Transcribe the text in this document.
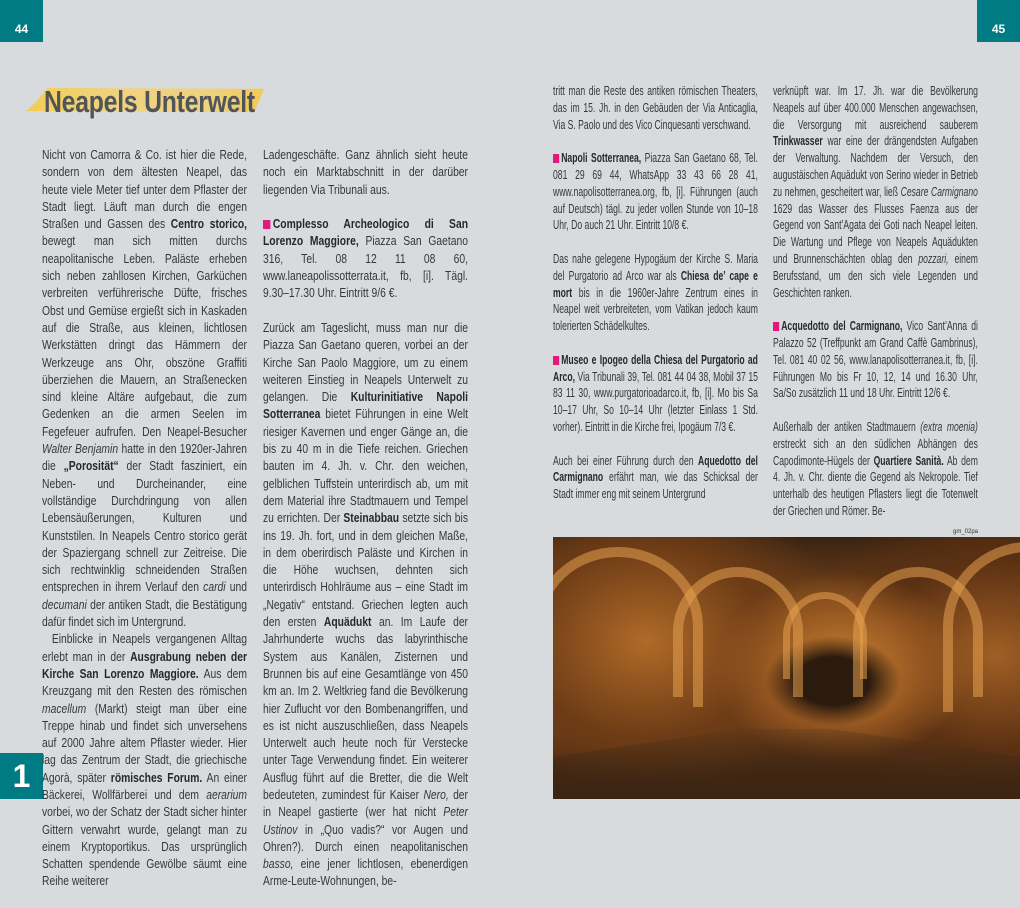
44	45
1
Neapels Unterwelt

Nicht von Camorra & Co. ist hier die Rede, sondern von dem ältesten Neapel, das heute viele Meter tief unter dem Pflaster der Stadt liegt. Läuft man durch die engen Straßen und Gassen des Centro storico, bewegt man sich mitten durchs neapolitanische Leben. Paläste erheben sich neben zahllosen Kirchen, Garküchen verbreiten verführerische Düfte, frisches Obst und Gemüse ergießt sich in Kaskaden auf die Straße, aus kleinen, lichtlosen Werkstätten dringt das Hämmern der Werkzeuge ans Ohr, obszöne Graffiti überziehen die Mauern, an Straßenecken sind kleine Altäre aufgebaut, die zum Gedenken an die armen Seelen im Fegefeuer aufrufen. Den Neapel-Besucher Walter Benjamin hatte in den 1920er-Jahren die „Porosität“ der Stadt fasziniert, ein Neben- und Durcheinander, eine vollständige Durchdringung von allen Lebensäußerungen, Kulturen und Kunststilen. In Neapels Centro storico gerät der Spaziergang schnell zur Zeitreise. Die sich rechtwinklig schneidenden Straßen entsprechen in ihrem Verlauf den cardi und decumani der antiken Stadt, die Bestätigung dafür findet sich im Untergrund.

Einblicke in Neapels vergangenen Alltag erlebt man in der Ausgrabung neben der Kirche San Lorenzo Maggiore. Aus dem Kreuzgang mit den Resten des römischen macellum (Markt) steigt man über eine Treppe hinab und findet sich unversehens auf 2000 Jahre altem Pflaster wieder. Hier lag das Zentrum der Stadt, die griechische Agorà, später römisches Forum. An einer Bäckerei, Wollfärberei und dem aerarium vorbei, wo der Schatz der Stadt sicher hinter Gittern verwahrt wurde, gelangt man zu einem Kryptoportikus. Das ursprünglich Schatten spendende Gewölbe säumt eine Reihe weiterer

Ladengeschäfte. Ganz ähnlich sieht heute noch ein Marktabschnitt in der darüber liegenden Via Tribunali aus.

Complesso Archeologico di San Lorenzo Maggiore, Piazza San Gaetano 316, Tel. 08 12 11 08 60, www.laneapolissotterrata.it, fb, [i]. Tägl. 9.30–17.30 Uhr. Eintritt 9/6 €.

Zurück am Tageslicht, muss man nur die Piazza San Gaetano queren, vorbei an der Kirche San Paolo Maggiore, um zu einem weiteren Einstieg in Neapels Unterwelt zu gelangen. Die Kulturinitiative Napoli Sotterranea bietet Führungen in eine Welt riesiger Kavernen und enger Gänge an, die bis zu 40 m in die Tiefe reichen. Griechen bauten im 4. Jh. v. Chr. den weichen, gelblichen Tuffstein unterirdisch ab, um mit dem Material ihre Stadtmauern und Tempel zu errichten. Der Steinabbau setzte sich bis ins 19. Jh. fort, und in dem gleichen Maße, in dem oberirdisch Paläste und Kirchen in die Höhe wuchsen, dehnten sich unterirdisch Hohlräume aus – eine Stadt im „Negativ“ entstand. Griechen legten auch den ersten Aquädukt an. Im Laufe der Jahrhunderte wuchs das labyrinthische System aus Kanälen, Zisternen und Brunnen bis auf eine Gesamtlänge von 450 km an. Im 2. Weltkrieg fand die Bevölkerung hier Zuflucht vor den Bombenangriffen, und es ist nicht auszuschließen, dass Neapels Unterwelt auch heute noch für Verstecke unter Tage Verwendung findet. Ein weiterer Ausflug führt auf die Bretter, die die Welt bedeuteten, zumindest für Kaiser Nero, der in Neapel gastierte (wer hat nicht Peter Ustinov in „Quo vadis?“ vor Augen und Ohren?). Durch einen neapolitanischen basso, eine jener lichtlosen, ebenerdigen Arme-Leute-Wohnungen, be-

tritt man die Reste des antiken römischen Theaters, das im 15. Jh. in den Gebäuden der Via Anticaglia, Via S. Paolo und des Vico Cinquesanti verschwand.

Napoli Sotterranea, Piazza San Gaetano 68, Tel. 081 29 69 44, WhatsApp 33 43 66 28 41, www.napolisotterranea.org, fb, [i]. Führungen (auch auf Deutsch) tägl. zu jeder vollen Stunde von 10–18 Uhr, Do auch 21 Uhr. Eintritt 10/8 €.

Das nahe gelegene Hypogäum der Kirche S. Maria del Purgatorio ad Arco war als Chiesa de’ cape e mort bis in die 1960er-Jahre Zentrum eines in Neapel weit verbreiteten, vom Vatikan jedoch kaum tolerierten Schädelkultes.

Museo e Ipogeo della Chiesa del Purgatorio ad Arco, Via Tribunali 39, Tel. 081 44 04 38, Mobil 37 15 83 11 30, www.purgatorioadarco.it, fb, [i]. Mo bis Sa 10–17 Uhr, So 10–14 Uhr (letzter Einlass 1 Std. vorher). Eintritt in die Kirche frei, Ipogäum 7/3 €.

Auch bei einer Führung durch den Aquedotto del Carmignano erfährt man, wie das Schicksal der Stadt immer eng mit seinem Untergrund

verknüpft war. Im 17. Jh. war die Bevölkerung Neapels auf über 400.000 Menschen angewachsen, die Versorgung mit ausreichend sauberem Trinkwasser war eine der drängendsten Aufgaben der Verwaltung. Nachdem der Versuch, den augustäischen Aquädukt von Serino wieder in Betrieb zu nehmen, gescheitert war, ließ Cesare Carmignano 1629 das Wasser des Flusses Faenza aus der Gegend von Sant’Agata dei Goti nach Neapel leiten. Die Wartung und Pflege von Neapels Aquädukten und Brunnenschächten oblag den pozzari, einem Berufsstand, um den sich viele Legenden und Geschichten ranken.

Acquedotto del Carmignano, Vico Sant’Anna di Palazzo 52 (Treffpunkt am Grand Caffè Gambrinus), Tel. 081 40 02 56, www.lanapolisotterranea.it, fb, [i]. Führungen Mo bis Fr 10, 12, 14 und 16.30 Uhr, Sa/So zusätzlich 11 und 18 Uhr. Eintritt 12/6 €.

Außerhalb der antiken Stadtmauern (extra moenia) erstreckt sich an den südlichen Abhängen des Capodimonte-Hügels der Quartiere Sanità. Ab dem 4. Jh. v. Chr. diente die Gegend als Nekropole. Tief unterhalb des heutigen Pflasters liegt die Totenwelt der Griechen und Römer. Be-

gm_02pa
